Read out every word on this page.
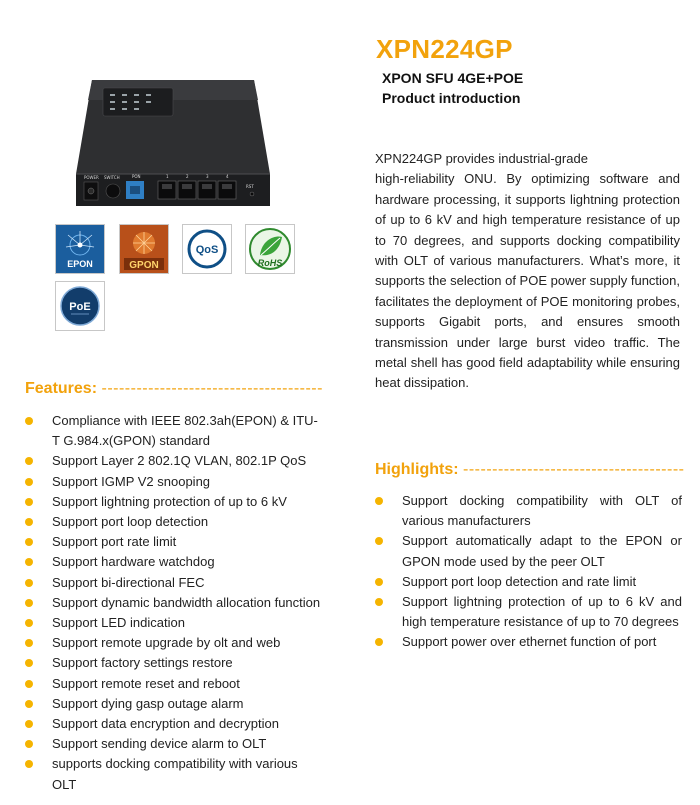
XPN224GP
XPON SFU 4GE+POE
Product introduction
POWER SWITCH	PON	1	2	3	4
RST
EPON	GPON
QoS
RoHS
PoE

XPN224GP provides industrial-grade

high-reliability ONU. By optimizing software and hardware processing, it supports lightning protection of up to 6 kV and high temperature resistance of up to 70 degrees, and supports docking compatibility with OLT of various manufacturers. What’s more, it supports the selection of POE power supply function, facilitates the deployment of POE monitoring probes, supports Gigabit ports, and ensures smooth transmission under large burst video traffic. The metal shell has good field adaptability while ensuring heat dissipation.

Features: --------------------------------------
Compliance with IEEE 802.3ah(EPON) & ITU-T G.984.x(GPON) standard
Support Layer 2 802.1Q VLAN, 802.1P QoS
Support IGMP V2 snooping
Support lightning protection of up to 6 kV
Support port loop detection
Support port rate limit
Support hardware watchdog
Support bi-directional FEC
Support dynamic bandwidth allocation function
Support LED indication
Support remote upgrade by olt and web
Support factory settings restore
Support remote reset and reboot
Support dying gasp outage alarm
Support data encryption and decryption
Support sending device alarm to OLT
supports docking compatibility with various OLT
Highlights: --------------------------------------
Support docking compatibility with OLT of various manufacturers
Support automatically adapt to the EPON or GPON mode used by the peer OLT
Support port loop detection and rate limit
Support lightning protection of up to 6 kV and high temperature resistance of up to 70 degrees
Support power over ethernet function of port
